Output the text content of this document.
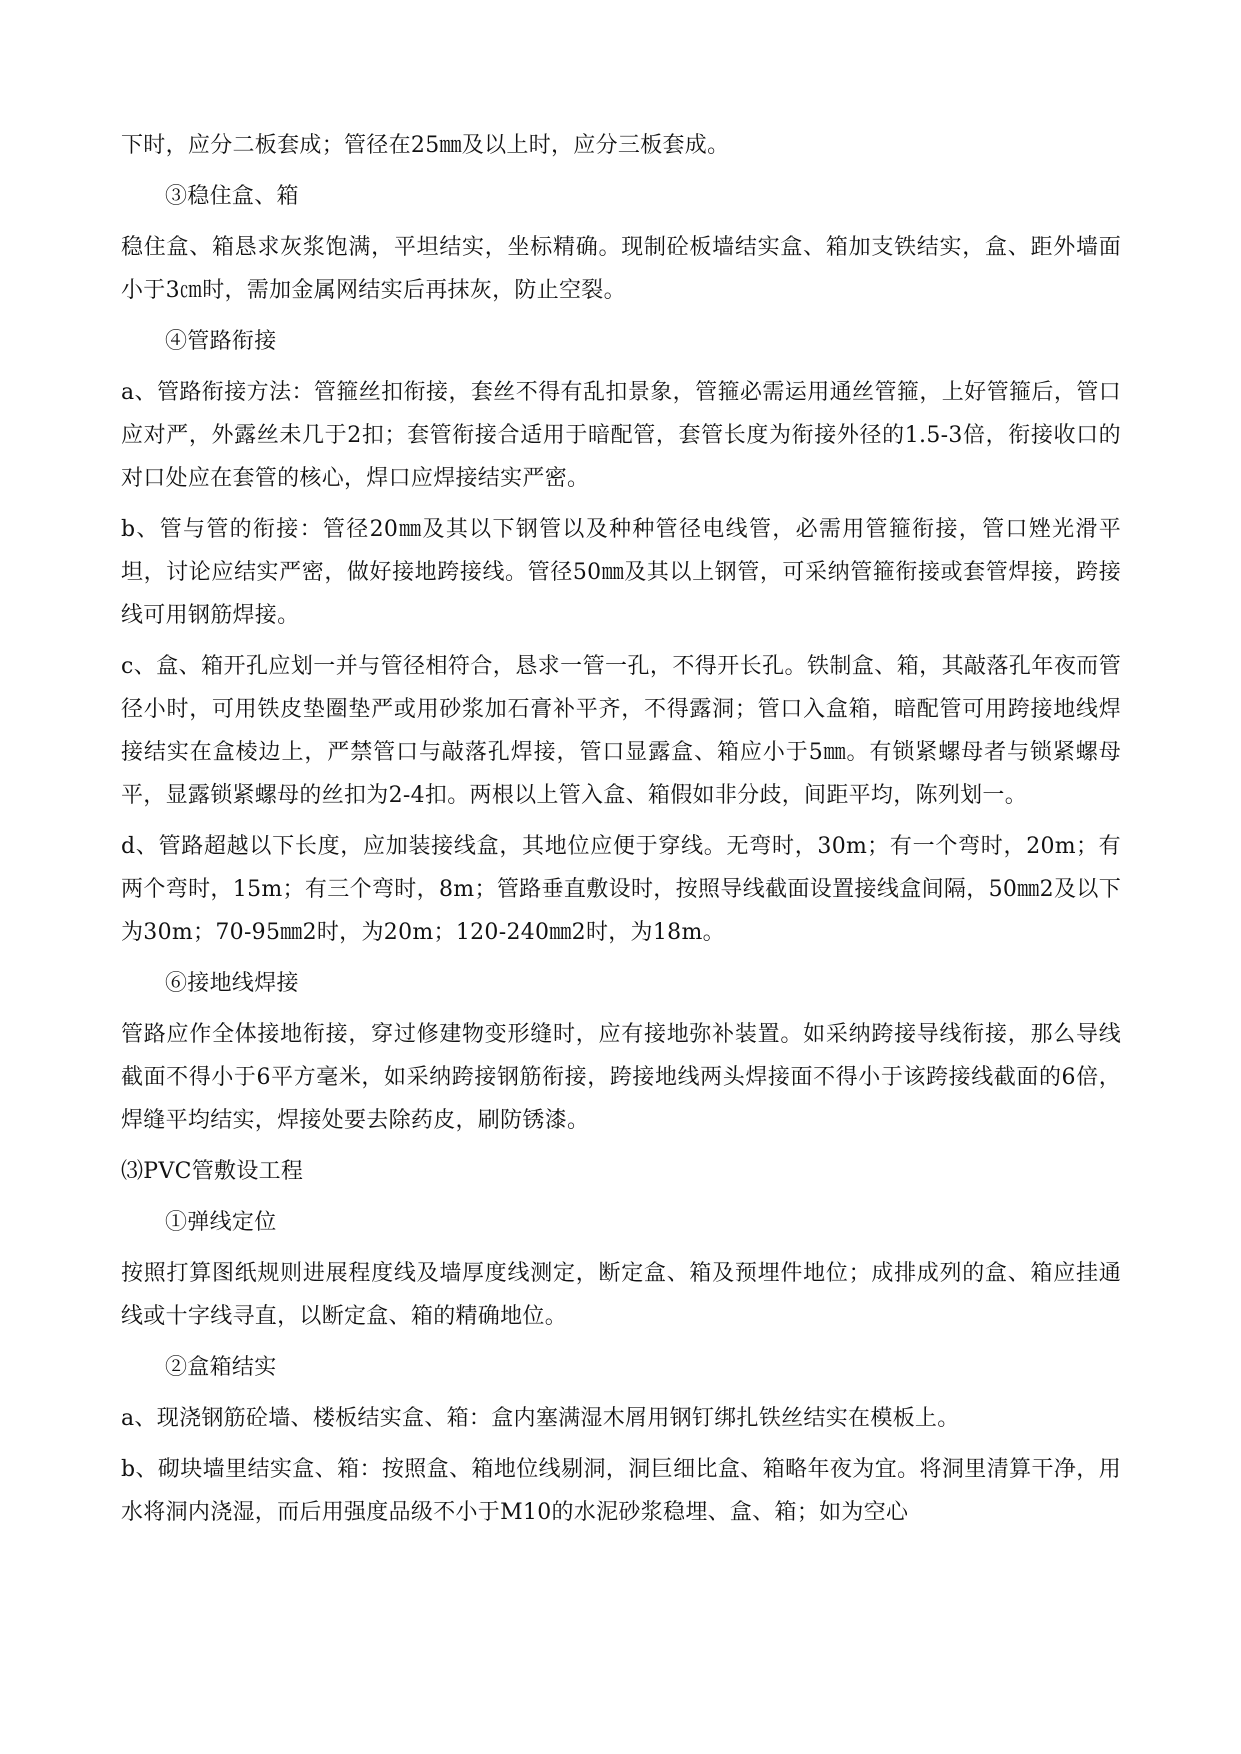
下时，应分二板套成；管径在25㎜及以上时，应分三板套成。

③稳住盒、箱

稳住盒、箱恳求灰浆饱满，平坦结实，坐标精确。现制砼板墙结实盒、箱加支铁结实，盒、距外墙面小于3㎝时，需加金属网结实后再抹灰，防止空裂。

④管路衔接

a、管路衔接方法：管箍丝扣衔接，套丝不得有乱扣景象，管箍必需运用通丝管箍，上好管箍后，管口应对严，外露丝未几于2扣；套管衔接合适用于暗配管，套管长度为衔接外径的1.5-3倍，衔接收口的对口处应在套管的核心，焊口应焊接结实严密。

b、管与管的衔接：管径20㎜及其以下钢管以及种种管径电线管，必需用管箍衔接，管口矬光滑平坦，讨论应结实严密，做好接地跨接线。管径50㎜及其以上钢管，可采纳管箍衔接或套管焊接，跨接线可用钢筋焊接。

c、盒、箱开孔应划一并与管径相符合，恳求一管一孔，不得开长孔。铁制盒、箱，其敲落孔年夜而管径小时，可用铁皮垫圈垫严或用砂浆加石膏补平齐，不得露洞；管口入盒箱，暗配管可用跨接地线焊接结实在盒棱边上，严禁管口与敲落孔焊接，管口显露盒、箱应小于5㎜。有锁紧螺母者与锁紧螺母平，显露锁紧螺母的丝扣为2-4扣。两根以上管入盒、箱假如非分歧，间距平均，陈列划一。

d、管路超越以下长度，应加装接线盒，其地位应便于穿线。无弯时，30m；有一个弯时，20m；有两个弯时，15m；有三个弯时，8m；管路垂直敷设时，按照导线截面设置接线盒间隔，50㎜2及以下为30m；70-95㎜2时，为20m；120-240㎜2时，为18m。

⑥接地线焊接

管路应作全体接地衔接，穿过修建物变形缝时，应有接地弥补装置。如采纳跨接导线衔接，那么导线截面不得小于6平方毫米，如采纳跨接钢筋衔接，跨接地线两头焊接面不得小于该跨接线截面的6倍，焊缝平均结实，焊接处要去除药皮，刷防锈漆。

⑶PVC管敷设工程

①弹线定位

按照打算图纸规则进展程度线及墙厚度线测定，断定盒、箱及预埋件地位；成排成列的盒、箱应挂通线或十字线寻直，以断定盒、箱的精确地位。

②盒箱结实

a、现浇钢筋砼墙、楼板结实盒、箱：盒内塞满湿木屑用钢钉绑扎铁丝结实在模板上。

b、砌块墙里结实盒、箱：按照盒、箱地位线剔洞，洞巨细比盒、箱略年夜为宜。将洞里清算干净，用水将洞内浇湿，而后用强度品级不小于M10的水泥砂浆稳埋、盒、箱；如为空心
